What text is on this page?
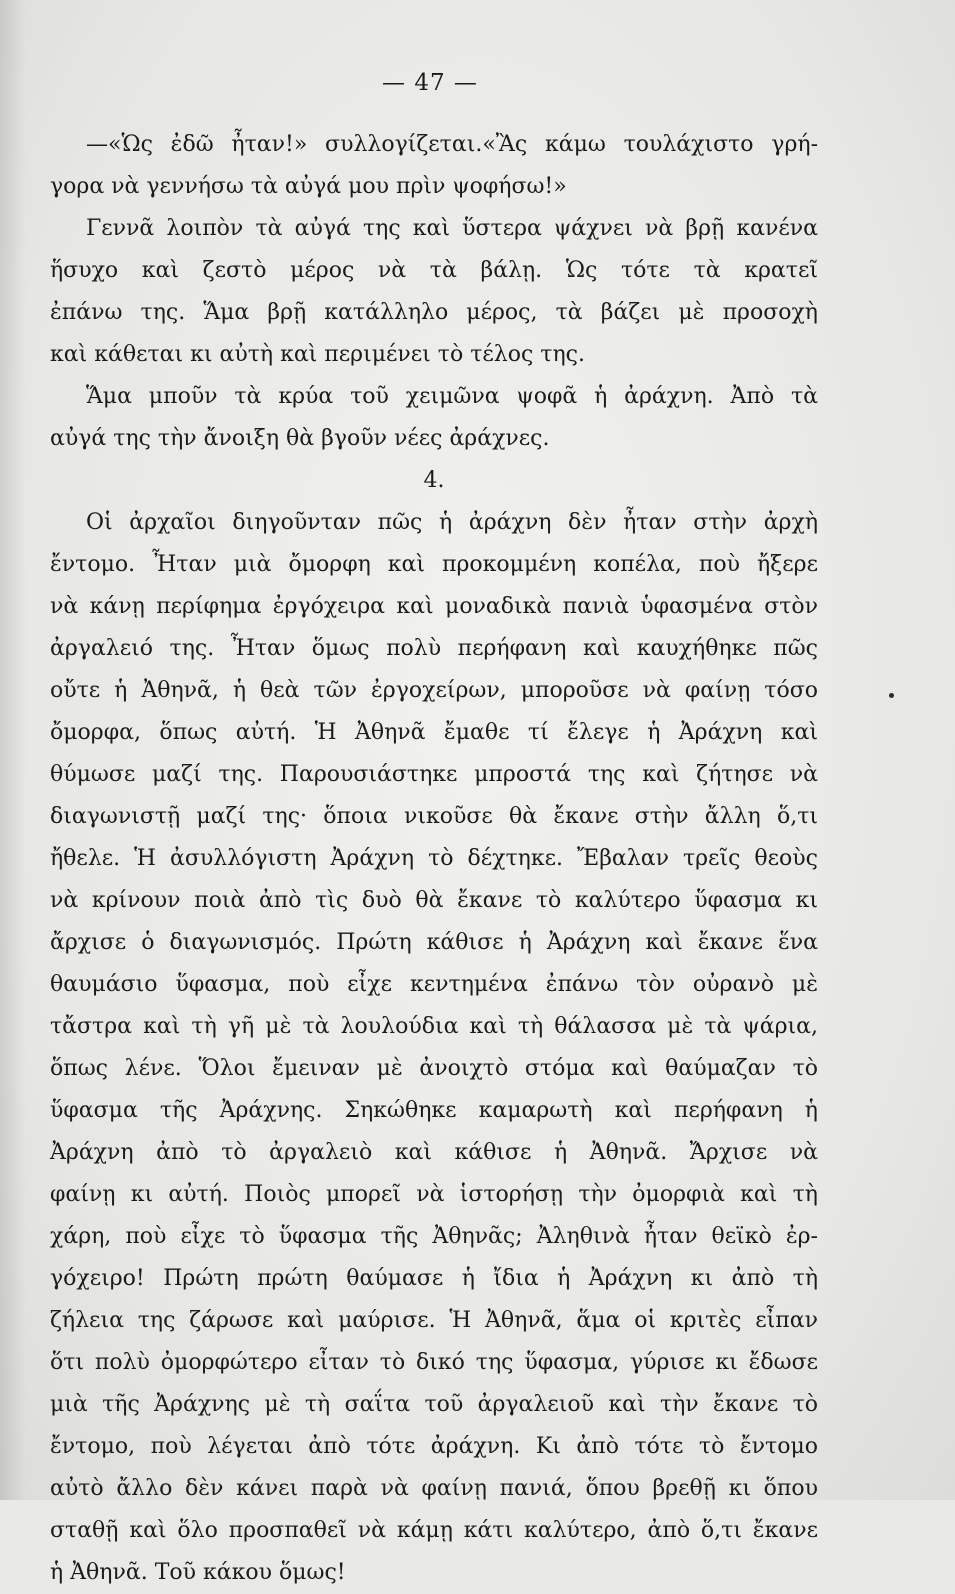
— 47 —
—«Ὡς ἐδῶ ἦταν!» συλλογίζεται.«Ἂς κάμω τουλάχιστο γρή-
γορα νὰ γεννήσω τὰ αὐγά μου πρὶν ψοφήσω!»
Γεννᾶ λοιπὸν τὰ αὐγά της καὶ ὕστερα ψάχνει νὰ βρῇ κανένα
ἥσυχο καὶ ζεστὸ μέρος νὰ τὰ βάλῃ. Ὡς τότε τὰ κρατεῖ
ἐπάνω της. Ἅμα βρῇ κατάλληλο μέρος, τὰ βάζει μὲ προσοχὴ
καὶ κάθεται κι αὐτὴ καὶ περιμένει τὸ τέλος της.
Ἅμα μποῦν τὰ κρύα τοῦ χειμῶνα ψοφᾶ ἡ ἀράχνη. Ἀπὸ τὰ
αὐγά της τὴν ἄνοιξη θὰ βγοῦν νέες ἀράχνες.
4.
Οἱ ἀρχαῖοι διηγοῦνταν πῶς ἡ ἀράχνη δὲν ἦταν στὴν ἀρχὴ
ἔντομο. Ἦταν μιὰ ὄμορφη καὶ προκομμένη κοπέλα, ποὺ ἤξερε
νὰ κάνῃ περίφημα ἐργόχειρα καὶ μοναδικὰ πανιὰ ὑφασμένα στὸν
ἀργαλειό της. Ἦταν ὅμως πολὺ περήφανη καὶ καυχήθηκε πῶς
οὔτε ἡ Ἀθηνᾶ, ἡ θεὰ τῶν ἐργοχείρων, μποροῦσε νὰ φαίνῃ τόσο
ὄμορφα, ὅπως αὐτή. Ἡ Ἀθηνᾶ ἔμαθε τί ἔλεγε ἡ Ἀράχνη καὶ
θύμωσε μαζί της. Παρουσιάστηκε μπροστά της καὶ ζήτησε νὰ
διαγωνιστῇ μαζί της· ὅποια νικοῦσε θὰ ἔκανε στὴν ἄλλη ὅ,τι
ἤθελε. Ἡ ἀσυλλόγιστη Ἀράχνη τὸ δέχτηκε. Ἔβαλαν τρεῖς θεοὺς
νὰ κρίνουν ποιὰ ἀπὸ τὶς δυὸ θὰ ἔκανε τὸ καλύτερο ὕφασμα κι
ἄρχισε ὁ διαγωνισμός. Πρώτη κάθισε ἡ Ἀράχνη καὶ ἔκανε ἕνα
θαυμάσιο ὕφασμα, ποὺ εἶχε κεντημένα ἐπάνω τὸν οὐρανὸ μὲ
τἄστρα καὶ τὴ γῆ μὲ τὰ λουλούδια καὶ τὴ θάλασσα μὲ τὰ ψάρια,
ὅπως λένε. Ὅλοι ἔμειναν μὲ ἀνοιχτὸ στόμα καὶ θαύμαζαν τὸ
ὕφασμα τῆς Ἀράχνης. Σηκώθηκε καμαρωτὴ καὶ περήφανη ἡ
Ἀράχνη ἀπὸ τὸ ἀργαλειὸ καὶ κάθισε ἡ Ἀθηνᾶ. Ἄρχισε νὰ
φαίνῃ κι αὐτή. Ποιὸς μπορεῖ νὰ ἱστορήσῃ τὴν ὀμορφιὰ καὶ τὴ
χάρη, ποὺ εἶχε τὸ ὕφασμα τῆς Ἀθηνᾶς; Ἀληθινὰ ἦταν θεϊκὸ ἐρ-
γόχειρο! Πρώτη πρώτη θαύμασε ἡ ἴδια ἡ Ἀράχνη κι ἀπὸ τὴ
ζήλεια της ζάρωσε καὶ μαύρισε. Ἡ Ἀθηνᾶ, ἅμα οἱ κριτὲς εἶπαν
ὅτι πολὺ ὀμορφώτερο εἶταν τὸ δικό της ὕφασμα, γύρισε κι ἔδωσε
μιὰ τῆς Ἀράχνης μὲ τὴ σαΐτα τοῦ ἀργαλειοῦ καὶ τὴν ἔκανε τὸ
ἔντομο, ποὺ λέγεται ἀπὸ τότε ἀράχνη. Κι ἀπὸ τότε τὸ ἔντομο
αὐτὸ ἄλλο δὲν κάνει παρὰ νὰ φαίνῃ πανιά, ὅπου βρεθῇ κι ὅπου
σταθῇ καὶ ὅλο προσπαθεῖ νὰ κάμῃ κάτι καλύτερο, ἀπὸ ὅ,τι ἔκανε
ἡ Ἀθηνᾶ. Τοῦ κάκου ὅμως!
